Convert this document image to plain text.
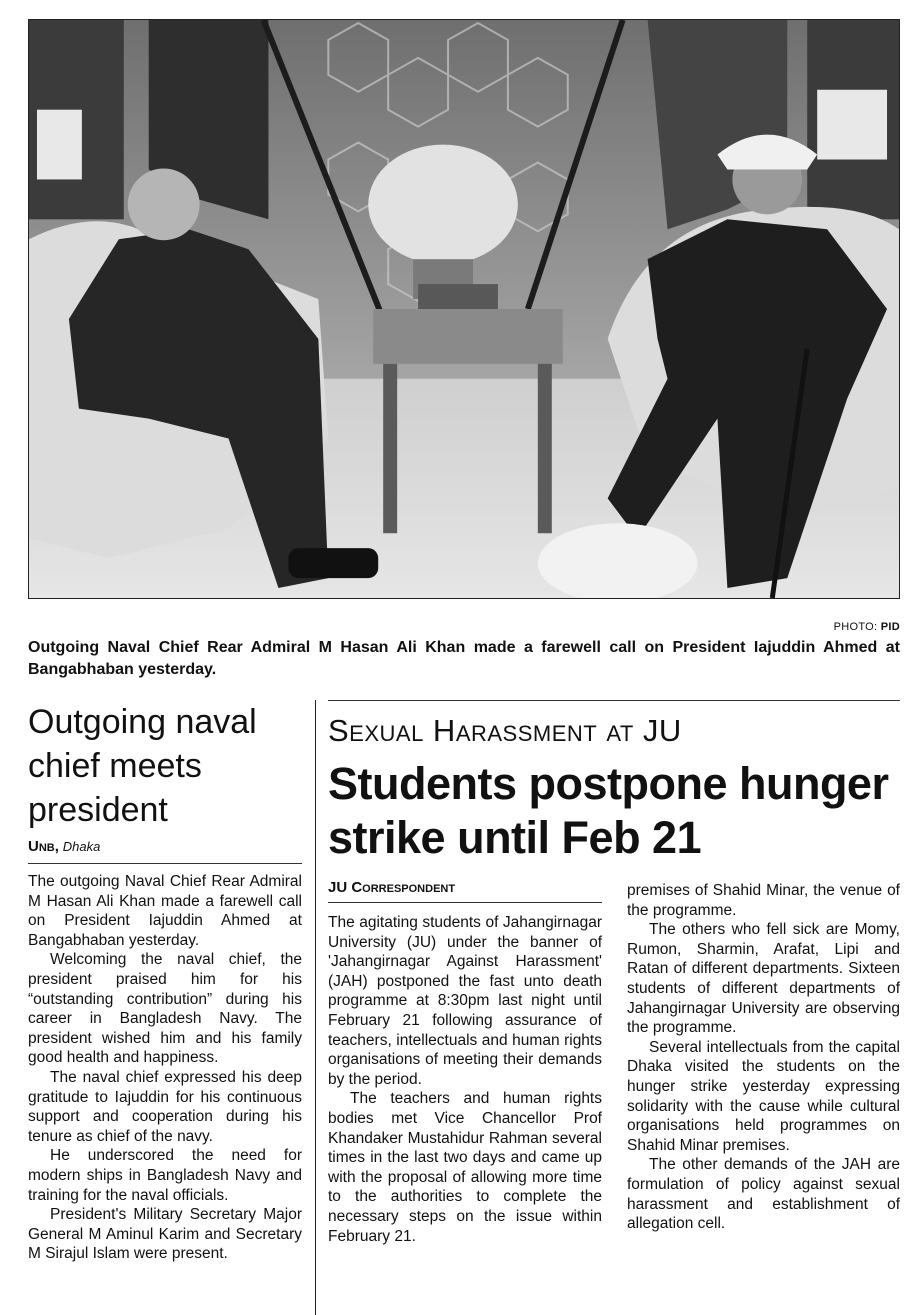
PHOTO: PID
Outgoing Naval Chief Rear Admiral M Hasan Ali Khan made a farewell call on President Iajuddin Ahmed at Bangabhaban yesterday.
Outgoing naval chief meets president
Unb, Dhaka

The outgoing Naval Chief Rear Admiral M Hasan Ali Khan made a farewell call on President Iajuddin Ahmed at Bangabhaban yesterday.

Welcoming the naval chief, the president praised him for his “outstanding contribution” during his career in Bangladesh Navy. The president wished him and his family good health and happiness.

The naval chief expressed his deep gratitude to Iajuddin for his continuous support and cooperation during his tenure as chief of the navy.

He underscored the need for modern ships in Bangladesh Navy and training for the naval officials.

President's Military Secretary Major General M Aminul Karim and Secretary M Sirajul Islam were present.

Sexual Harassment at JU
Students postpone hunger strike until Feb 21
JU Correspondent

The agitating students of Jahangirnagar University (JU) under the banner of 'Jahangirnagar Against Harassment' (JAH) postponed the fast unto death programme at 8:30pm last night until February 21 following assurance of teachers, intellectuals and human rights organisations of meeting their demands by the period.

The teachers and human rights bodies met Vice Chancellor Prof Khandaker Mustahidur Rahman several times in the last two days and came up with the proposal of allowing more time to the authorities to complete the necessary steps on the issue within February 21.

premises of Shahid Minar, the venue of the programme.

The others who fell sick are Momy, Rumon, Sharmin, Arafat, Lipi and Ratan of different departments. Sixteen students of different departments of Jahangirnagar University are observing the programme.

Several intellectuals from the capital Dhaka visited the students on the hunger strike yesterday expressing solidarity with the cause while cultural organisations held programmes on Shahid Minar premises.

The other demands of the JAH are formulation of policy against sexual harassment and establishment of allegation cell.
